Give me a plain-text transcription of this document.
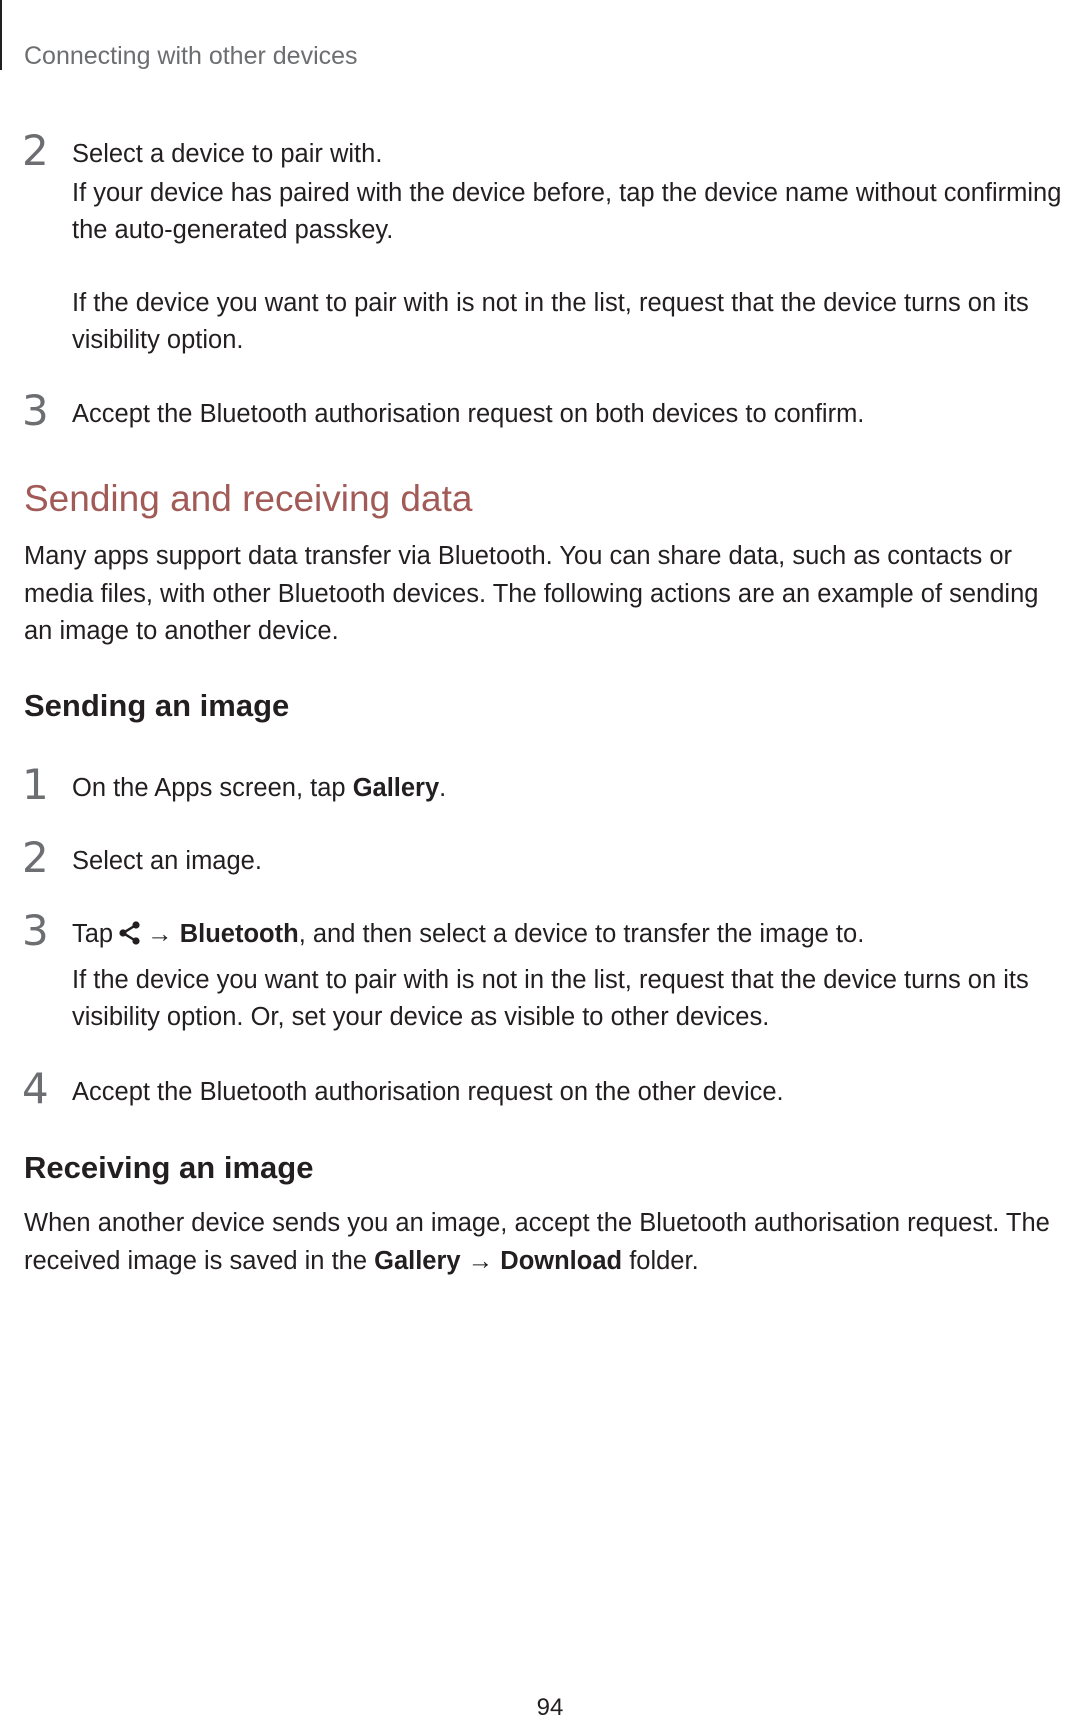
Connecting with other devices
2 Select a device to pair with.
If your device has paired with the device before, tap the device name without confirming the auto-generated passkey.
If the device you want to pair with is not in the list, request that the device turns on its visibility option.
3 Accept the Bluetooth authorisation request on both devices to confirm.
Sending and receiving data
Many apps support data transfer via Bluetooth. You can share data, such as contacts or media files, with other Bluetooth devices. The following actions are an example of sending an image to another device.
Sending an image
1 On the Apps screen, tap Gallery.
2 Select an image.
3 Tap → Bluetooth, and then select a device to transfer the image to.
If the device you want to pair with is not in the list, request that the device turns on its visibility option. Or, set your device as visible to other devices.
4 Accept the Bluetooth authorisation request on the other device.
Receiving an image
When another device sends you an image, accept the Bluetooth authorisation request. The received image is saved in the Gallery → Download folder.
94
